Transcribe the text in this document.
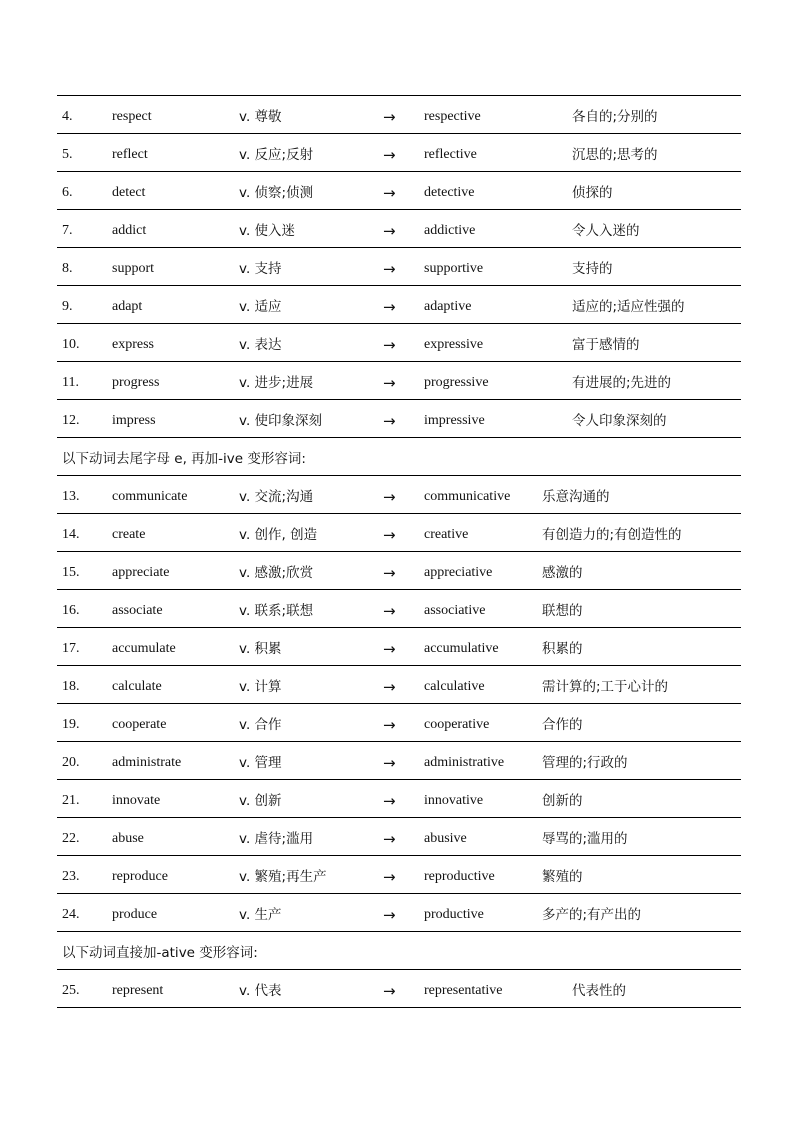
4.	respect	v. 尊敬	→ respective	各自的;分别的
5.	reflect	v. 反应;反射	→ reflective	沉思的;思考的
6.	detect	v. 侦察;侦测	→ detective	侦探的
7.	addict	v. 使入迷	→ addictive	令人入迷的
8.	support	v. 支持	→ supportive	支持的
9.	adapt	v. 适应	→ adaptive	适应的;适应性强的
10. express	v. 表达	→ expressive	富于感情的
11. progress	v. 进步;进展	→ progressive	有进展的;先进的
12. impress	v. 使印象深刻	→ impressive	令人印象深刻的
以下动词去尾字母 e, 再加-ive 变形容词:
13. communicate	v. 交流;沟通	→ communicative 乐意沟通的
14. create	v. 创作, 创造	→ creative	有创造力的;有创造性的
15. appreciate	v. 感激;欣赏	→ appreciative	感激的
16. associate	v. 联系;联想	→ associative	联想的
17. accumulate	v. 积累	→ accumulative	积累的
18. calculate	v. 计算	→ calculative	需计算的;工于心计的
19. cooperate	v. 合作	→ cooperative	合作的
20. administrate	v. 管理	→ administrative	管理的;行政的
21. innovate	v. 创新	→ innovative	创新的
22. abuse	v. 虐待;滥用	→ abusive	辱骂的;滥用的
23. reproduce	v. 繁殖;再生产	→ reproductive	繁殖的
24. produce	v. 生产	→ productive	多产的;有产出的
以下动词直接加-ative 变形容词:
25. represent	v. 代表	→ representative	代表性的
